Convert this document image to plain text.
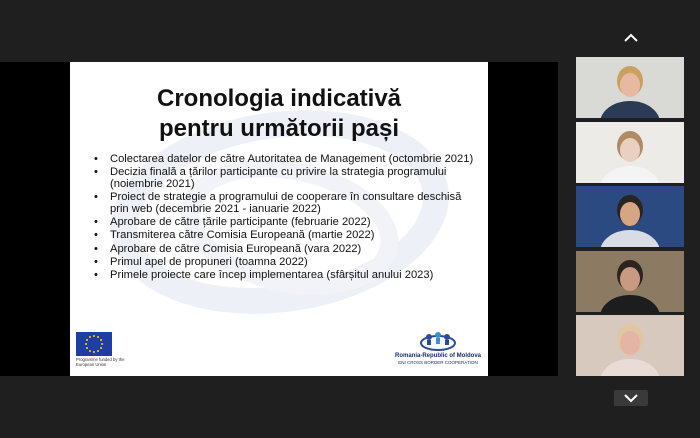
Cronologia indicativă
pentru următorii pași
• Colectarea datelor de către Autoritatea de Management (octombrie 2021)
• Decizia finală a țărilor participante cu privire la strategia programului (noiembrie 2021)
• Proiect de strategie a programului de cooperare în consultare deschisă prin web (decembrie 2021 - ianuarie 2022)
• Aprobare de către țările participante (februarie 2022)
• Transmiterea către Comisia Europeană (martie 2022)
• Aprobare de către Comisia Europeană (vara 2022)
• Primul apel de propuneri (toamna 2022)
• Primele proiecte care încep implementarea (sfârșitul anului 2023)
Programme funded by the European Union
Romania-Republic of Moldova
ENI CROSS BORDER COOPERATION
